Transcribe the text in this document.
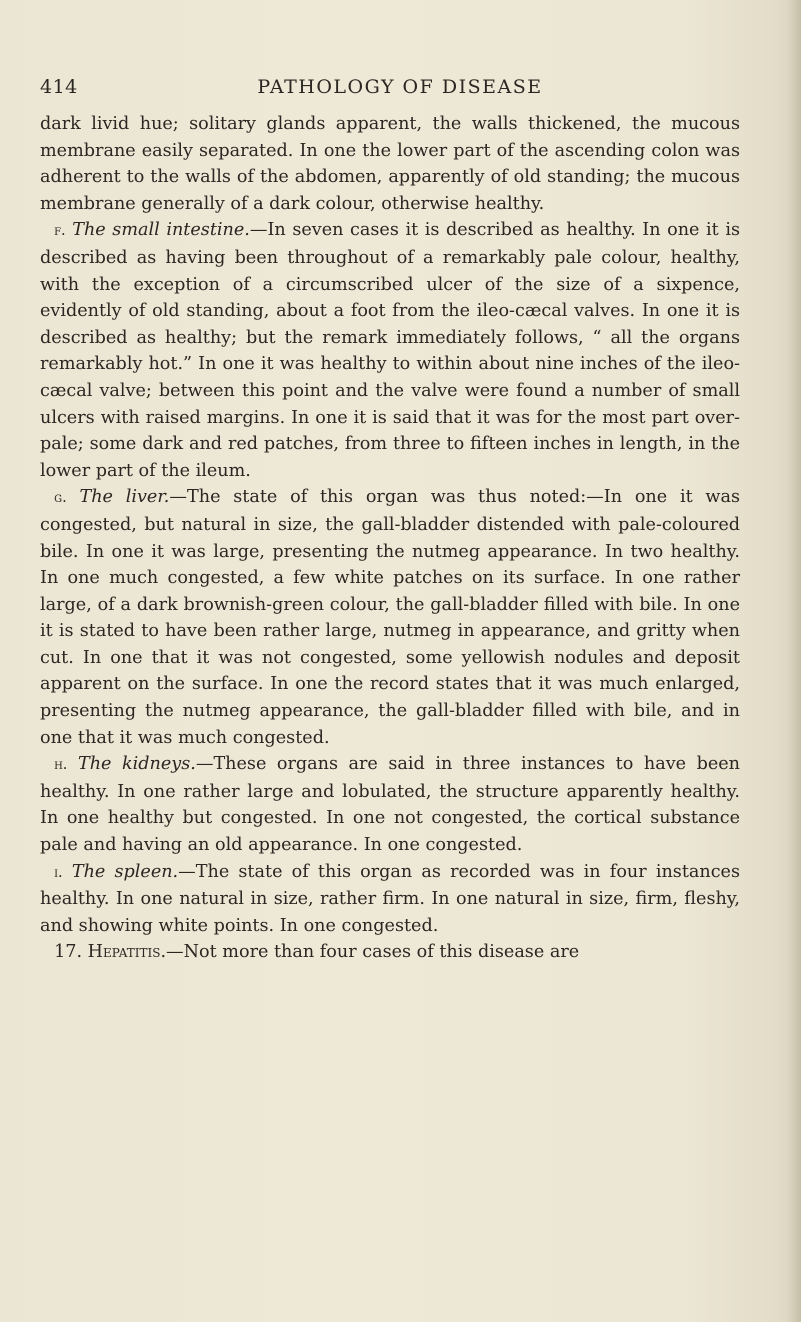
414	PATHOLOGY OF DISEASE

dark livid hue; solitary glands apparent, the walls thickened, the mucous membrane easily separated. In one the lower part of the ascending colon was adherent to the walls of the abdomen, apparently of old standing; the mucous membrane generally of a dark colour, otherwise healthy.

f. The small intestine.—In seven cases it is described as healthy. In one it is described as having been throughout of a remarkably pale colour, healthy, with the exception of a circumscribed ulcer of the size of a sixpence, evidently of old standing, about a foot from the ileo-cæcal valves. In one it is described as healthy; but the remark immediately follows, “ all the organs remarkably hot.” In one it was healthy to within about nine inches of the ileo-cæcal valve; between this point and the valve were found a number of small ulcers with raised margins. In one it is said that it was for the most part over-pale; some dark and red patches, from three to fifteen inches in length, in the lower part of the ileum.

g. The liver.—The state of this organ was thus noted:—In one it was congested, but natural in size, the gall-bladder distended with pale-coloured bile. In one it was large, presenting the nutmeg appearance. In two healthy. In one much congested, a few white patches on its surface. In one rather large, of a dark brownish-green colour, the gall-bladder filled with bile. In one it is stated to have been rather large, nutmeg in appearance, and gritty when cut. In one that it was not congested, some yellowish nodules and deposit apparent on the surface. In one the record states that it was much enlarged, presenting the nutmeg appearance, the gall-bladder filled with bile, and in one that it was much congested.

h. The kidneys.—These organs are said in three instances to have been healthy. In one rather large and lobulated, the structure apparently healthy. In one healthy but congested. In one not congested, the cortical substance pale and having an old appearance. In one congested.

i. The spleen.—The state of this organ as recorded was in four instances healthy. In one natural in size, rather firm. In one natural in size, firm, fleshy, and showing white points. In one congested.

17. Hepatitis.—Not more than four cases of this disease are
